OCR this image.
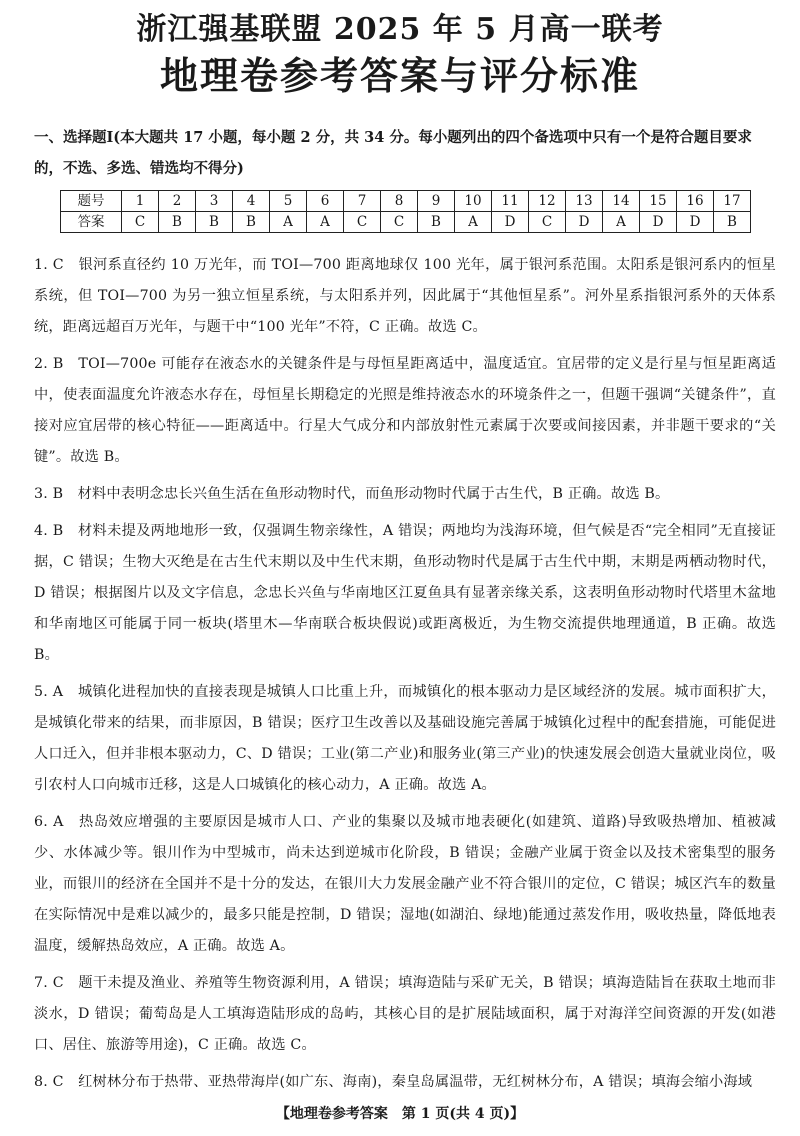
浙江强基联盟 2025 年 5 月高一联考
地理卷参考答案与评分标准
一、选择题Ⅰ(本大题共 17 小题，每小题 2 分，共 34 分。每小题列出的四个备选项中只有一个是符合题目要求的，不选、多选、错选均不得分)
题号	1	2	3	4	5	6	7	8	9	10	11	12	13	14	15	16	17
答案	C	B	B	B	A	A	C	C	B	A	D	C	D	A	D	D	B

1. C　银河系直径约 10 万光年，而 TOI—700 距离地球仅 100 光年，属于银河系范围。太阳系是银河系内的恒星系统，但 TOI—700 为另一独立恒星系统，与太阳系并列，因此属于“其他恒星系”。河外星系指银河系外的天体系统，距离远超百万光年，与题干中“100 光年”不符，C 正确。故选 C。

2. B　TOI—700e 可能存在液态水的关键条件是与母恒星距离适中，温度适宜。宜居带的定义是行星与恒星距离适中，使表面温度允许液态水存在，母恒星长期稳定的光照是维持液态水的环境条件之一，但题干强调“关键条件”，直接对应宜居带的核心特征——距离适中。行星大气成分和内部放射性元素属于次要或间接因素，并非题干要求的“关键”。故选 B。

3. B　材料中表明念忠长兴鱼生活在鱼形动物时代，而鱼形动物时代属于古生代，B 正确。故选 B。

4. B　材料未提及两地地形一致，仅强调生物亲缘性，A 错误；两地均为浅海环境，但气候是否“完全相同”无直接证据，C 错误；生物大灭绝是在古生代末期以及中生代末期，鱼形动物时代是属于古生代中期，末期是两栖动物时代，D 错误；根据图片以及文字信息，念忠长兴鱼与华南地区江夏鱼具有显著亲缘关系，这表明鱼形动物时代塔里木盆地和华南地区可能属于同一板块(塔里木—华南联合板块假说)或距离极近，为生物交流提供地理通道，B 正确。故选 B。

5. A　城镇化进程加快的直接表现是城镇人口比重上升，而城镇化的根本驱动力是区域经济的发展。城市面积扩大，是城镇化带来的结果，而非原因，B 错误；医疗卫生改善以及基础设施完善属于城镇化过程中的配套措施，可能促进人口迁入，但并非根本驱动力，C、D 错误；工业(第二产业)和服务业(第三产业)的快速发展会创造大量就业岗位，吸引农村人口向城市迁移，这是人口城镇化的核心动力，A 正确。故选 A。

6. A　热岛效应增强的主要原因是城市人口、产业的集聚以及城市地表硬化(如建筑、道路)导致吸热增加、植被减少、水体减少等。银川作为中型城市，尚未达到逆城市化阶段，B 错误；金融产业属于资金以及技术密集型的服务业，而银川的经济在全国并不是十分的发达，在银川大力发展金融产业不符合银川的定位，C 错误；城区汽车的数量在实际情况中是难以减少的，最多只能是控制，D 错误；湿地(如湖泊、绿地)能通过蒸发作用，吸收热量，降低地表温度，缓解热岛效应，A 正确。故选 A。

7. C　题干未提及渔业、养殖等生物资源利用，A 错误；填海造陆与采矿无关，B 错误；填海造陆旨在获取土地而非淡水，D 错误；葡萄岛是人工填海造陆形成的岛屿，其核心目的是扩展陆域面积，属于对海洋空间资源的开发(如港口、居住、旅游等用途)，C 正确。故选 C。

8. C　红树林分布于热带、亚热带海岸(如广东、海南)，秦皇岛属温带，无红树林分布，A 错误；填海会缩小海域

【地理卷参考答案　第 1 页(共 4 页)】
